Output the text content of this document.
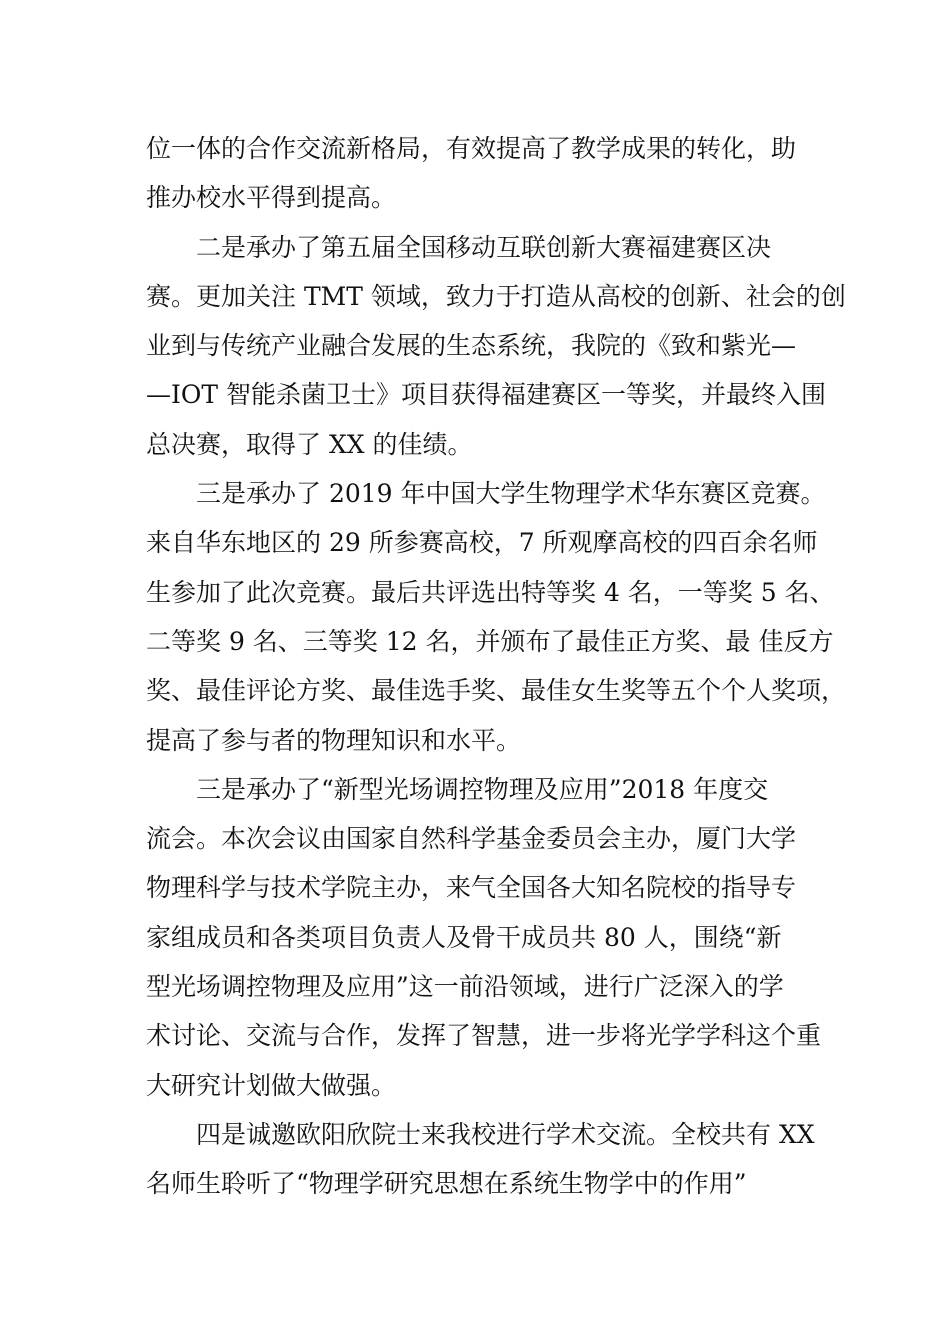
位一体的合作交流新格局，有效提高了教学成果的转化，助
推办校水平得到提高。
二是承办了第五届全国移动互联创新大赛福建赛区决
赛。更加关注 TMT 领域，致力于打造从高校的创新、社会的创
业到与传统产业融合发展的生态系统，我院的《致和紫光—
—IOT 智能杀菌卫士》项目获得福建赛区一等奖，并最终入围
总决赛，取得了 XX 的佳绩。
三是承办了 2019 年中国大学生物理学术华东赛区竞赛。
来自华东地区的 29 所参赛高校，7 所观摩高校的四百余名师
生参加了此次竞赛。最后共评选出特等奖 4 名，一等奖 5 名、
二等奖 9 名、三等奖 12 名，并颁布了最佳正方奖、最 佳反方
奖、最佳评论方奖、最佳选手奖、最佳女生奖等五个个人奖项，
提高了参与者的物理知识和水平。
三是承办了“新型光场调控物理及应用”2018 年度交
流会。本次会议由国家自然科学基金委员会主办，厦门大学
物理科学与技术学院主办，来气全国各大知名院校的指导专
家组成员和各类项目负责人及骨干成员共 80 人，围绕“新
型光场调控物理及应用”这一前沿领域，进行广泛深入的学
术讨论、交流与合作，发挥了智慧，进一步将光学学科这个重
大研究计划做大做强。
四是诚邀欧阳欣院士来我校进行学术交流。全校共有 XX
名师生聆听了“物理学研究思想在系统生物学中的作用”
